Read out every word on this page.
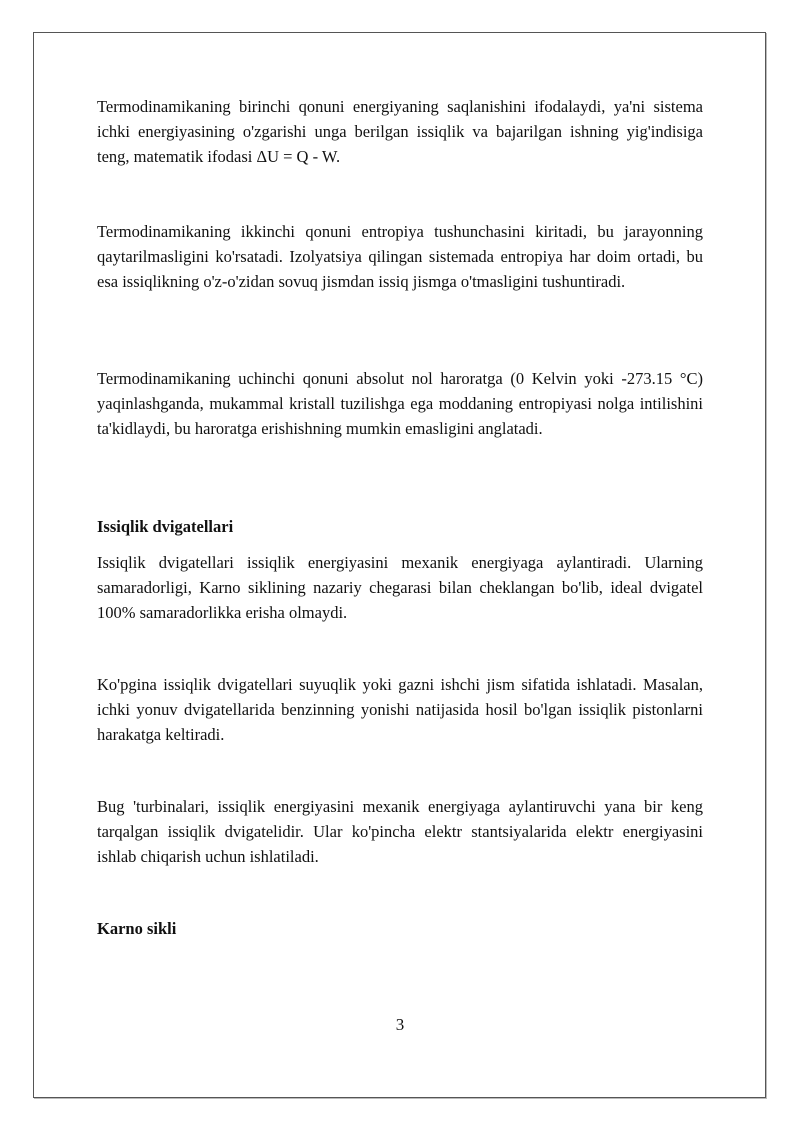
Termodinamikaning birinchi qonuni energiyaning saqlanishini ifodalaydi, ya'ni sistema ichki energiyasining o'zgarishi unga berilgan issiqlik va bajarilgan ishning yig'indisiga teng, matematik ifodasi ΔU = Q - W.

Termodinamikaning ikkinchi qonuni entropiya tushunchasini kiritadi, bu jarayonning qaytarilmasligini ko'rsatadi. Izolyatsiya qilingan sistemada entropiya har doim ortadi, bu esa issiqlikning o'z-o'zidan sovuq jismdan issiq jismga o'tmasligini tushuntiradi.

Termodinamikaning uchinchi qonuni absolut nol haroratga (0 Kelvin yoki -273.15 °C) yaqinlashganda, mukammal kristall tuzilishga ega moddaning entropiyasi nolga intilishini ta'kidlaydi, bu haroratga erishishning mumkin emasligini anglatadi.

Issiqlik dvigatellari

Issiqlik dvigatellari issiqlik energiyasini mexanik energiyaga aylantiradi. Ularning samaradorligi, Karno siklining nazariy chegarasi bilan cheklangan bo'lib, ideal dvigatel 100% samaradorlikka erisha olmaydi.

Ko'pgina issiqlik dvigatellari suyuqlik yoki gazni ishchi jism sifatida ishlatadi. Masalan, ichki yonuv dvigatellarida benzinning yonishi natijasida hosil bo'lgan issiqlik pistonlarni harakatga keltiradi.

Bug 'turbinalari, issiqlik energiyasini mexanik energiyaga aylantiruvchi yana bir keng tarqalgan issiqlik dvigatelidir. Ular ko'pincha elektr stantsiyalarida elektr energiyasini ishlab chiqarish uchun ishlatiladi.

Karno sikli
3
